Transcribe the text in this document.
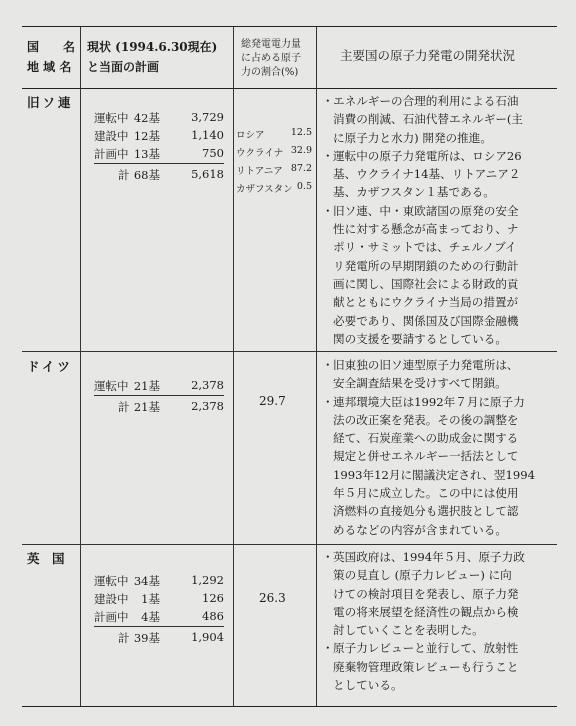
国　　名
地 域 名
現状 (1994.6.30現在)
と当面の計画
総発電電力量
に占める原子
力の割合(%)
主要国の原子力発電の開発状況
旧ソ連
運転中 42基	3,729
建設中 12基	1,140
計画中 13基	750
計 68基	5,618
ロシア	12.5
ウクライナ 32.9
リトアニア 87.2
カザフスタン 0.5
・ エネルギーの合理的利用による石油
消費の削減、石油代替エネルギー(主
に原子力と水力) 開発の推進。
・ 運転中の原子力発電所は、ロシア26
基、ウクライナ14基、リトアニア２
基、カザフスタン１基である。
・ 旧ソ連、中・東欧諸国の原発の安全
性に対する懸念が高まっており、ナ
ポリ・サミットでは、チェルノブイ
リ発電所の早期閉鎖のための行動計
画に関し、国際社会による財政的貢
献とともにウクライナ当局の措置が
必要であり、関係国及び国際金融機
関の支援を要請するとしている。
ドイツ
運転中 21基	2,378
計 21基	2,378	29.7
・ 旧東独の旧ソ連型原子力発電所は、
安全調査結果を受けすべて閉鎖。
・ 連邦環境大臣は1992年７月に原子力
法の改正案を発表。その後の調整を
経て、石炭産業への助成金に関する
規定と併せエネルギー一括法として
1993年12月に閣議決定され、翌1994
年５月に成立した。この中には使用
済燃料の直接処分も選択肢として認
めるなどの内容が含まれている。
英　国
運転中 34基	1,292
建設中 1基	126
計画中 4基	486
計 39基	1,904
26.3
・ 英国政府は、1994年５月、原子力政
策の見直し (原子力レビュー) に向
けての検討項目を発表し、原子力発
電の将来展望を経済性の観点から検
討していくことを表明した。
・ 原子力レビューと並行して、放射性
廃棄物管理政策レビューも行うこと
としている。
